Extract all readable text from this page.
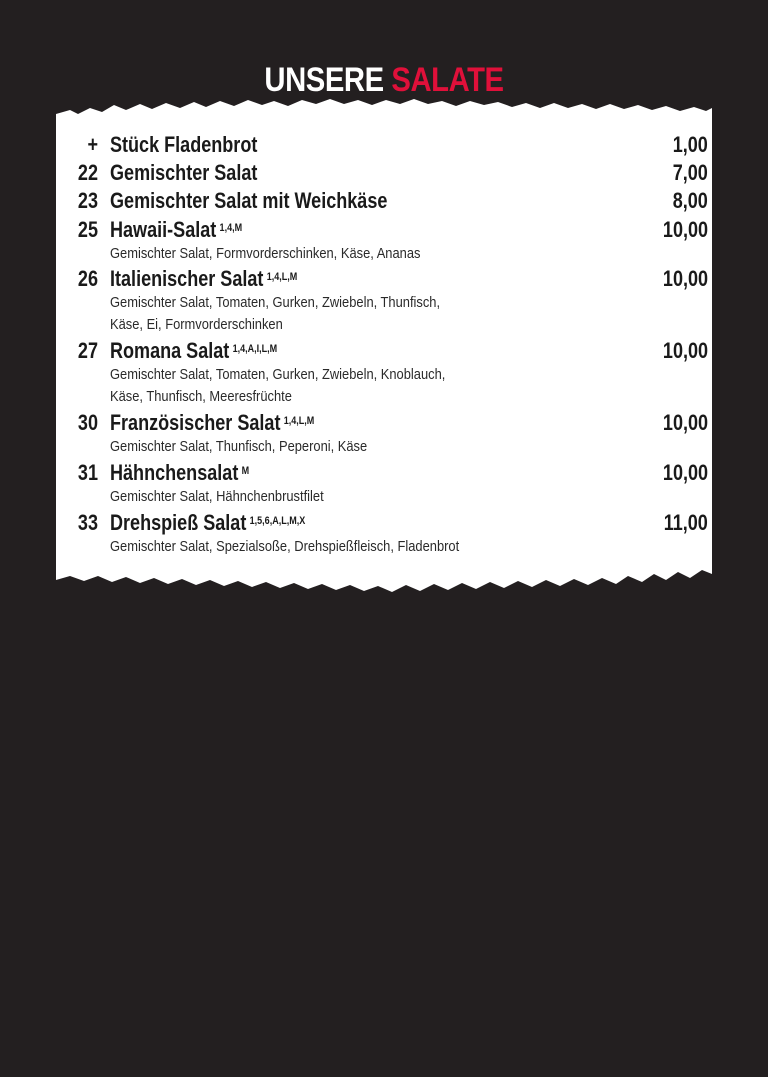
UNSERE SALATE
+ Stück Fladenbrot	1,00
22 Gemischter Salat	7,00
23 Gemischter Salat mit Weichkäse	8,00
25 Hawaii-Salat $^{1,4,M}$	10,00
Gemischter Salat, Formvorderschinken, Käse, Ananas
26 Italienischer Salat $^{1,4,L,M}$	10,00
Gemischter Salat, Tomaten, Gurken, Zwiebeln, Thunfisch,
Käse, Ei, Formvorderschinken
27 Romana Salat $^{1,4,A,I,L,M}$	10,00
Gemischter Salat, Tomaten, Gurken, Zwiebeln, Knoblauch,
Käse, Thunfisch, Meeresfrüchte
30 Französischer Salat $^{1,4,L,M}$	10,00
Gemischter Salat, Thunfisch, Peperoni, Käse
31 Hähnchensalat $^M$	10,00
Gemischter Salat, Hähnchenbrustfilet
33 Drehspieß Salat $^{1,5,6,A,L,M,X}$	11,00
Gemischter Salat, Spezialsoße, Drehspießfleisch, Fladenbrot
